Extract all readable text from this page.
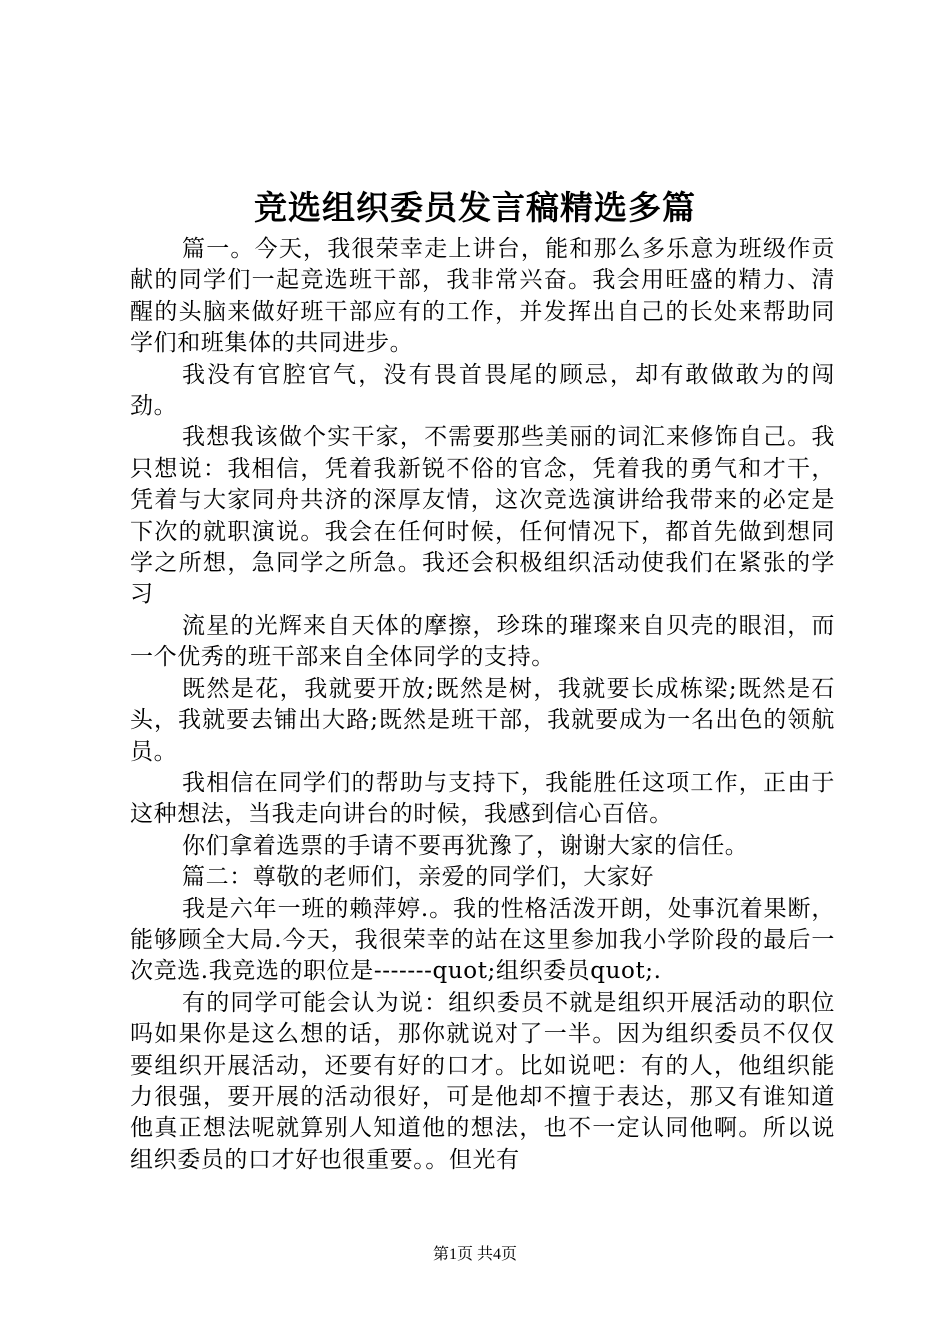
竞选组织委员发言稿精选多篇

篇一。今天，我很荣幸走上讲台，能和那么多乐意为班级作贡献的同学们一起竞选班干部，我非常兴奋。我会用旺盛的精力、清醒的头脑来做好班干部应有的工作，并发挥出自己的长处来帮助同学们和班集体的共同进步。

我没有官腔官气，没有畏首畏尾的顾忌，却有敢做敢为的闯劲。

我想我该做个实干家，不需要那些美丽的词汇来修饰自己。我只想说：我相信，凭着我新锐不俗的官念，凭着我的勇气和才干，凭着与大家同舟共济的深厚友情，这次竞选演讲给我带来的必定是下次的就职演说。我会在任何时候，任何情况下，都首先做到想同学之所想，急同学之所急。我还会积极组织活动使我们在紧张的学习

流星的光辉来自天体的摩擦，珍珠的璀璨来自贝壳的眼泪，而一个优秀的班干部来自全体同学的支持。

既然是花，我就要开放;既然是树，我就要长成栋梁;既然是石头，我就要去铺出大路;既然是班干部，我就要成为一名出色的领航员。

我相信在同学们的帮助与支持下，我能胜任这项工作，正由于这种想法，当我走向讲台的时候，我感到信心百倍。

你们拿着选票的手请不要再犹豫了，谢谢大家的信任。

篇二：尊敬的老师们，亲爱的同学们，大家好

我是六年一班的赖萍婷.。我的性格活泼开朗，处事沉着果断，能够顾全大局.今天，我很荣幸的站在这里参加我小学阶段的最后一次竞选.我竞选的职位是-------quot;组织委员quot;.

有的同学可能会认为说：组织委员不就是组织开展活动的职位吗如果你是这么想的话，那你就说对了一半。因为组织委员不仅仅要组织开展活动，还要有好的口才。比如说吧：有的人，他组织能力很强，要开展的活动很好，可是他却不擅于表达，那又有谁知道他真正想法呢就算别人知道他的想法，也不一定认同他啊。所以说组织委员的口才好也很重要。。但光有

第1页 共4页
